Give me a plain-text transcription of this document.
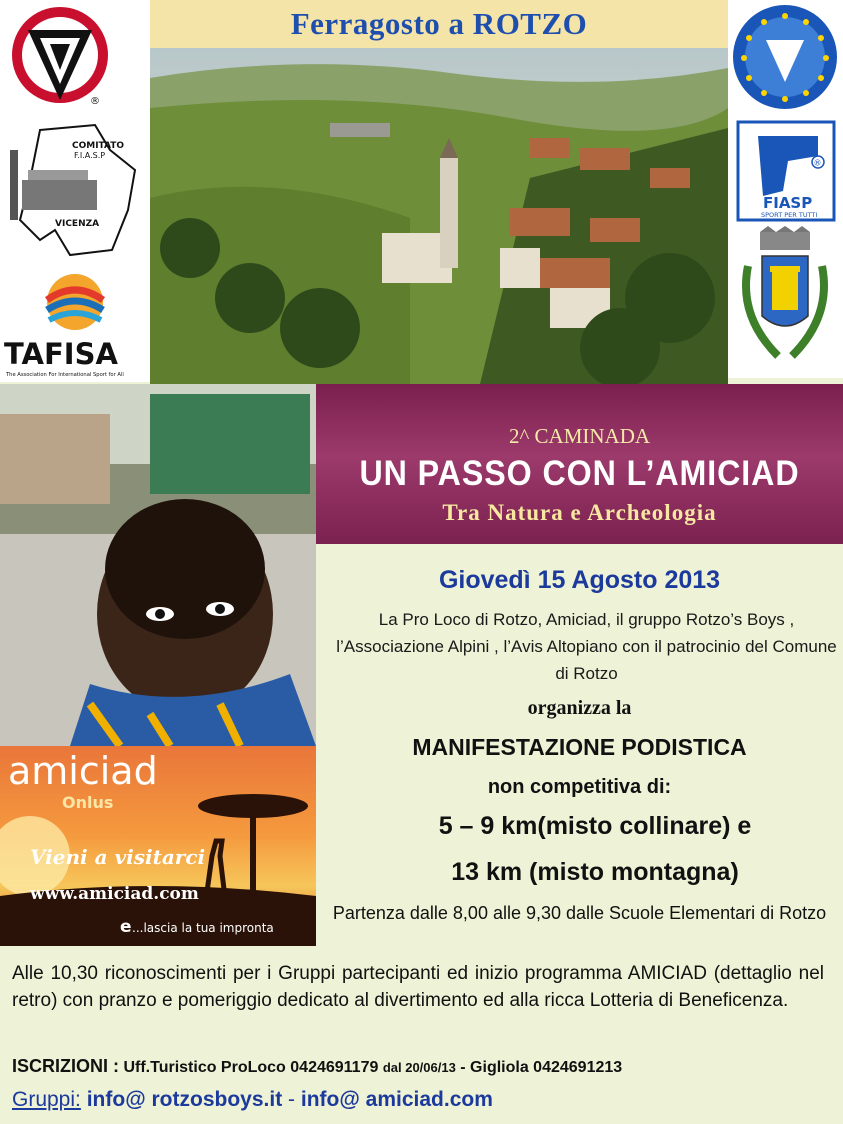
®
COMITATO
F.I.A.S.P
VICENZA
TAFISA
The Association For International Sport for All
Ferragosto a ROTZO
®
FIASP
SPORT PER TUTTI
amiciad
Onlus
Vieni a visitarci
www.amiciad.com
e ...lascia la tua impronta
2^ CAMINADA
UN PASSO CON L’AMICIAD
Tra Natura e Archeologia
Giovedì 15 Agosto 2013
La Pro Loco di Rotzo, Amiciad, il gruppo Rotzo’s Boys , l’Associazione Alpini , l’Avis Altopiano con il patrocinio del Comune di Rotzo
organizza la
MANIFESTAZIONE PODISTICA
non competitiva di:
5 – 9 km(misto collinare) e
13 km (misto montagna)
Partenza dalle 8,00 alle 9,30 dalle Scuole Elementari di Rotzo
Alle 10,30 riconoscimenti per i Gruppi partecipanti ed inizio programma AMICIAD (dettaglio nel retro) con pranzo e pomeriggio dedicato al divertimento ed alla ricca Lotteria di Beneficenza.
ISCRIZIONI : Uff.Turistico ProLoco 0424691179 dal 20/06/13 - Gigliola 0424691213
Gruppi: info@ rotzosboys.it - info@ amiciad.com
